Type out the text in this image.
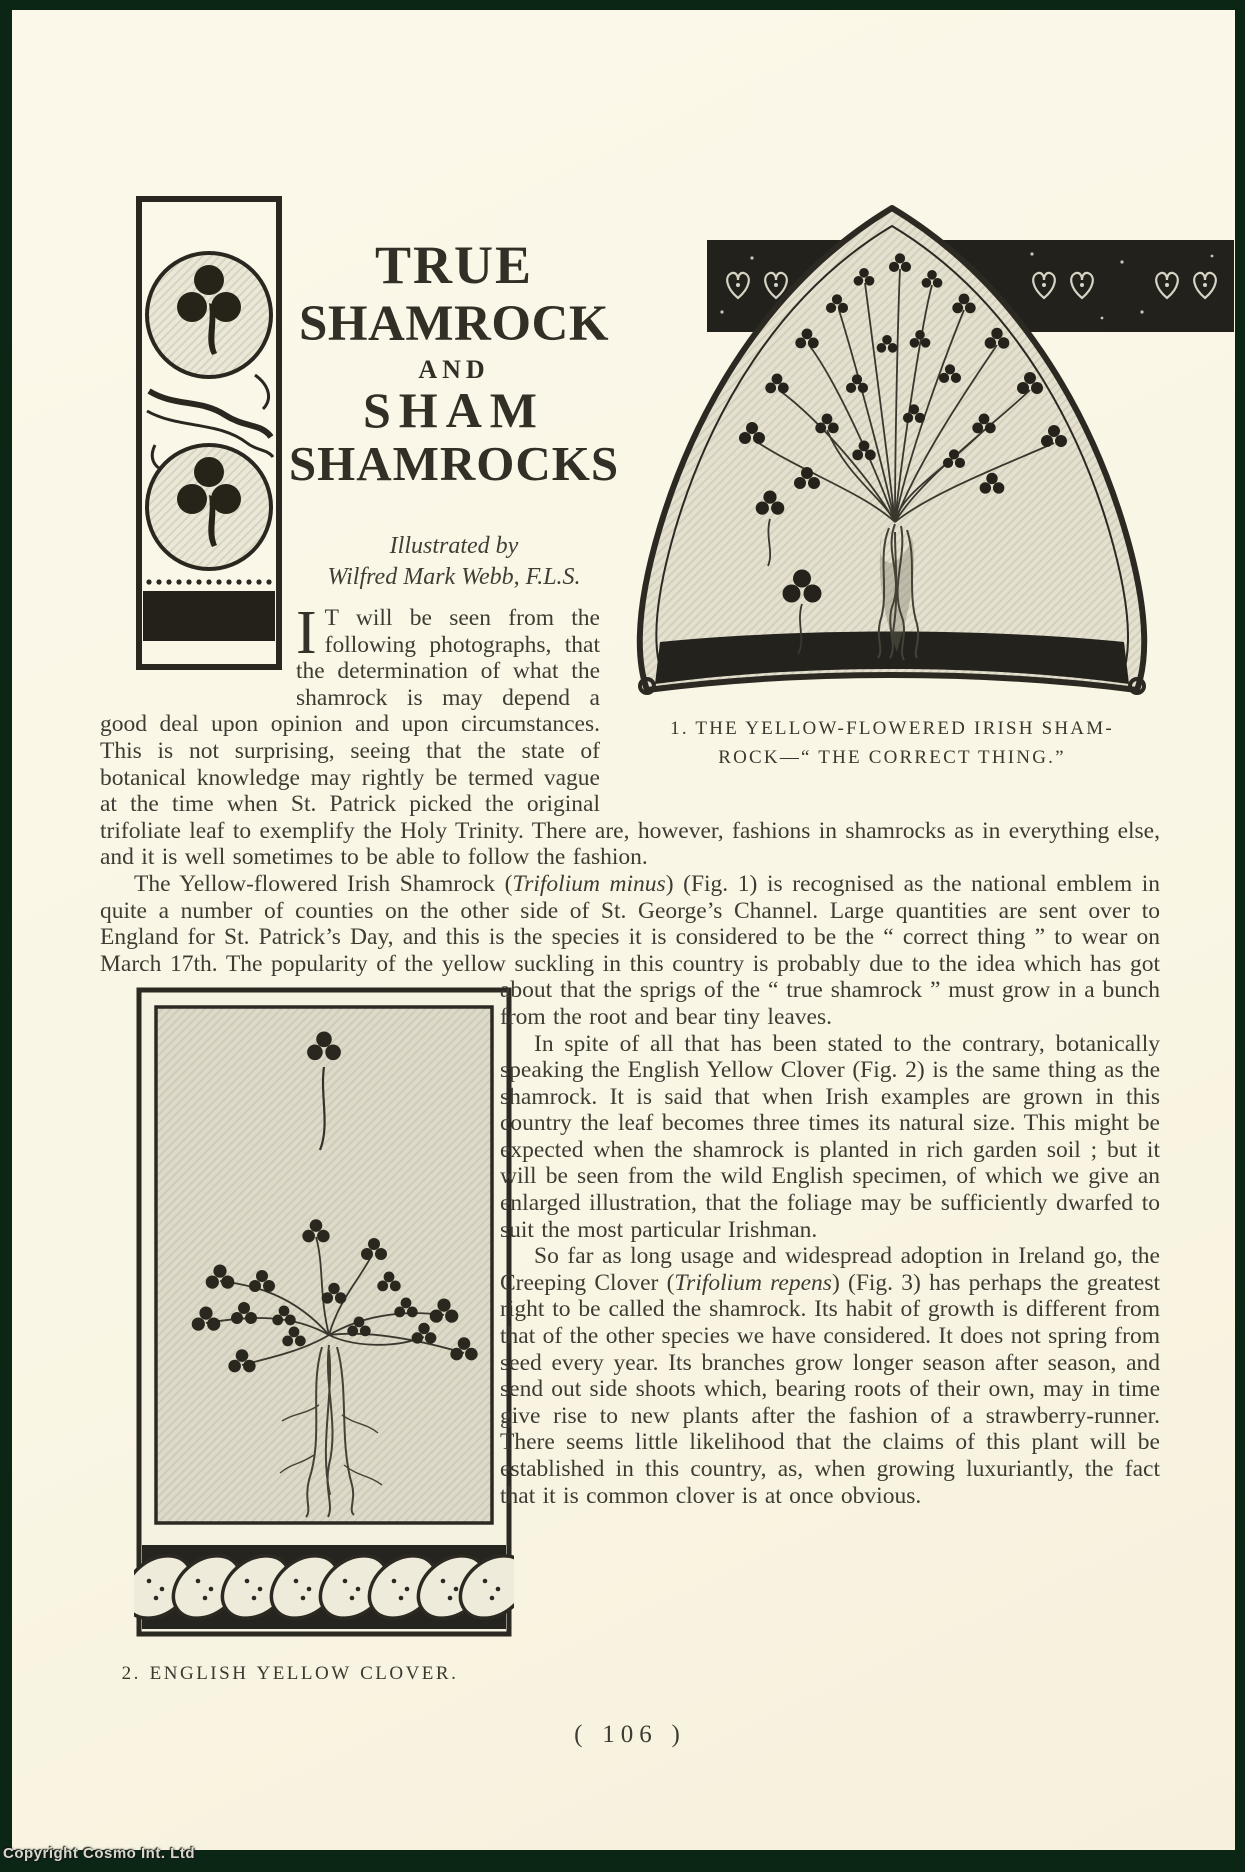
TRUE
SHAMROCK
AND
SHAM
SHAMROCKS
Illustrated by
Wilfred Mark Webb, F.L.S.
1. THE YELLOW-FLOWERED IRISH SHAM-
ROCK—“ THE CORRECT THING.”

I T will be seen from the following photographs, that the determination of what the shamrock is may depend a good deal upon opinion and upon circumstances. This is not surprising, seeing that the state of botanical knowledge may rightly be termed vague at the time when St. Patrick picked the original trifoliate leaf to exemplify the Holy Trinity. There are, however, fashions in shamrocks as in everything else, and it is well sometimes to be able to follow the fashion.

The Yellow-flowered Irish Shamrock (Trifolium minus) (Fig. 1) is recognised as the national emblem in quite a number of counties on the other side of St. George’s Channel. Large quantities are sent over to England for St. Patrick’s Day, and this is the species it is considered to be the “ correct thing ” to wear on March 17th. The popularity of the yellow suckling in this country is probably due to the idea which has got about that the sprigs of the “ true shamrock ” must grow in a bunch
2. ENGLISH YELLOW CLOVER.
from the root and bear tiny leaves.

In spite of all that has been stated to the contrary, botanically speaking the English Yellow Clover (Fig. 2) is the same thing as the shamrock. It is said that when Irish examples are grown in this country the leaf becomes three times its natural size. This might be expected when the shamrock is planted in rich garden soil ; but it will be seen from the wild English specimen, of which we give an enlarged illustration, that the foliage may be sufficiently dwarfed to suit the most particular Irishman.

So far as long usage and widespread adoption in Ireland go, the Creeping Clover (Trifolium repens) (Fig. 3) has perhaps the greatest right to be called the shamrock. Its habit of growth is different from that of the other species we have considered. It does not spring from seed every year. Its branches grow longer season after season, and send out side shoots which, bearing roots of their own, may in time give rise to new plants after the fashion of a strawberry-runner. There seems little likelihood that the claims of this plant will be established in this country, as, when growing luxuriantly, the fact that it is common clover is at once obvious.

( 106 )
Copyright Cosmo Int. Ltd
